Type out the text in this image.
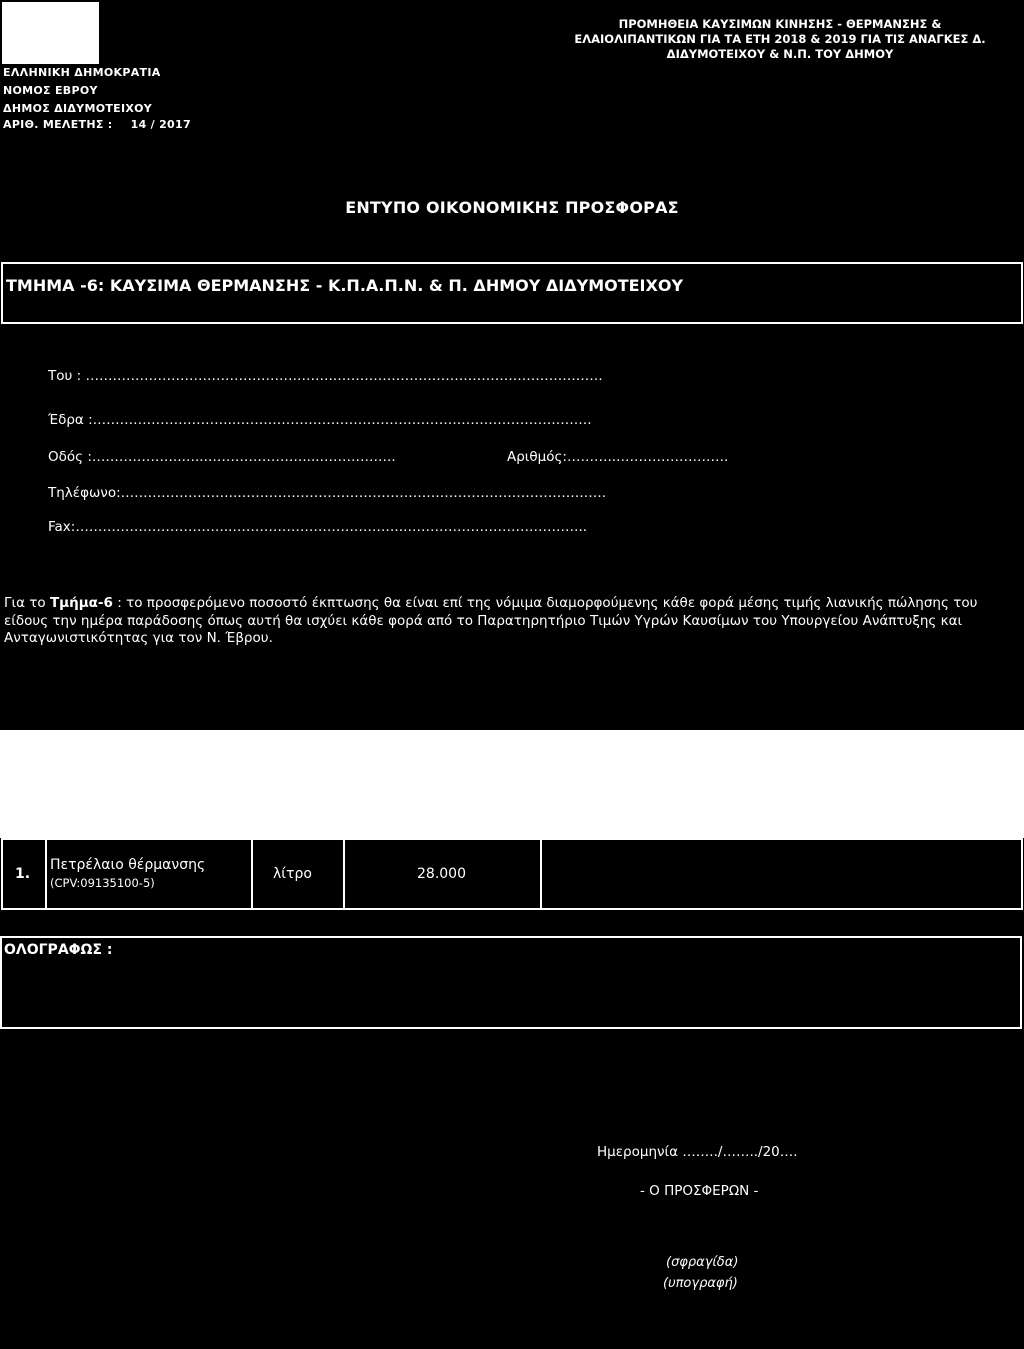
ΕΛΛΗΝΙΚΗ ΔΗΜΟΚΡΑΤΙΑ
ΝΟΜΟΣ ΕΒΡΟΥ
ΔΗΜΟΣ ΔΙΔΥΜΟΤΕΙΧΟΥ
ΑΡΙΘ. ΜΕΛΕΤΗΣ : 14 / 2017
ΠΡΟΜΗΘΕΙΑ ΚΑΥΣΙΜΩΝ ΚΙΝΗΣΗΣ - ΘΕΡΜΑΝΣΗΣ &
ΕΛΑΙΟΛΙΠΑΝΤΙΚΩΝ ΓΙΑ ΤΑ ΕΤΗ 2018 & 2019 ΓΙΑ ΤΙΣ ΑΝΑΓΚΕΣ Δ.
ΔΙΔΥΜΟΤΕΙΧΟΥ & Ν.Π. ΤΟΥ ΔΗΜΟΥ
ΕΝΤΥΠΟ ΟΙΚΟΝΟΜΙΚΗΣ ΠΡΟΣΦΟΡΑΣ
ΤΜΗΜΑ -6: ΚΑΥΣΙΜΑ ΘΕΡΜΑΝΣΗΣ - Κ.Π.Α.Π.Ν. & Π. ΔΗΜΟΥ ΔΙΔΥΜΟΤΕΙΧΟΥ
Του : ……………………………………………….……………………………………………………
Έδρα :…………………………..…………………………………………………………………….
Οδός :………………..…...…………………....……………..	Αριθμός:………..…………………….
Τηλέφωνο:……………………..……………………………………………………………………….
Fax:……………………………..………………………………..…………………………………..
Για το Τμήμα-6 : το προσφερόμενο ποσοστό έκπτωσης θα είναι επί της νόμιμα διαμορφούμενης κάθε φορά μέσης τιμής λιανικής πώλησης του είδους την ημέρα παράδοσης όπως αυτή θα ισχύει κάθε φορά από το Παρατηρητήριο Τιμών Υγρών Καυσίμων του Υπουργείου Ανάπτυξης και Ανταγωνιστικότητας για τον Ν. Έβρου.
1.
Πετρέλαιο θέρμανσης
(CPV:09135100-5)
λίτρο	28.000
ΟΛΟΓΡΑΦΩΣ :
Ημερομηνία ……../……../20….
- Ο ΠΡΟΣΦΕΡΩΝ -
(σφραγίδα)
(υπογραφή)
